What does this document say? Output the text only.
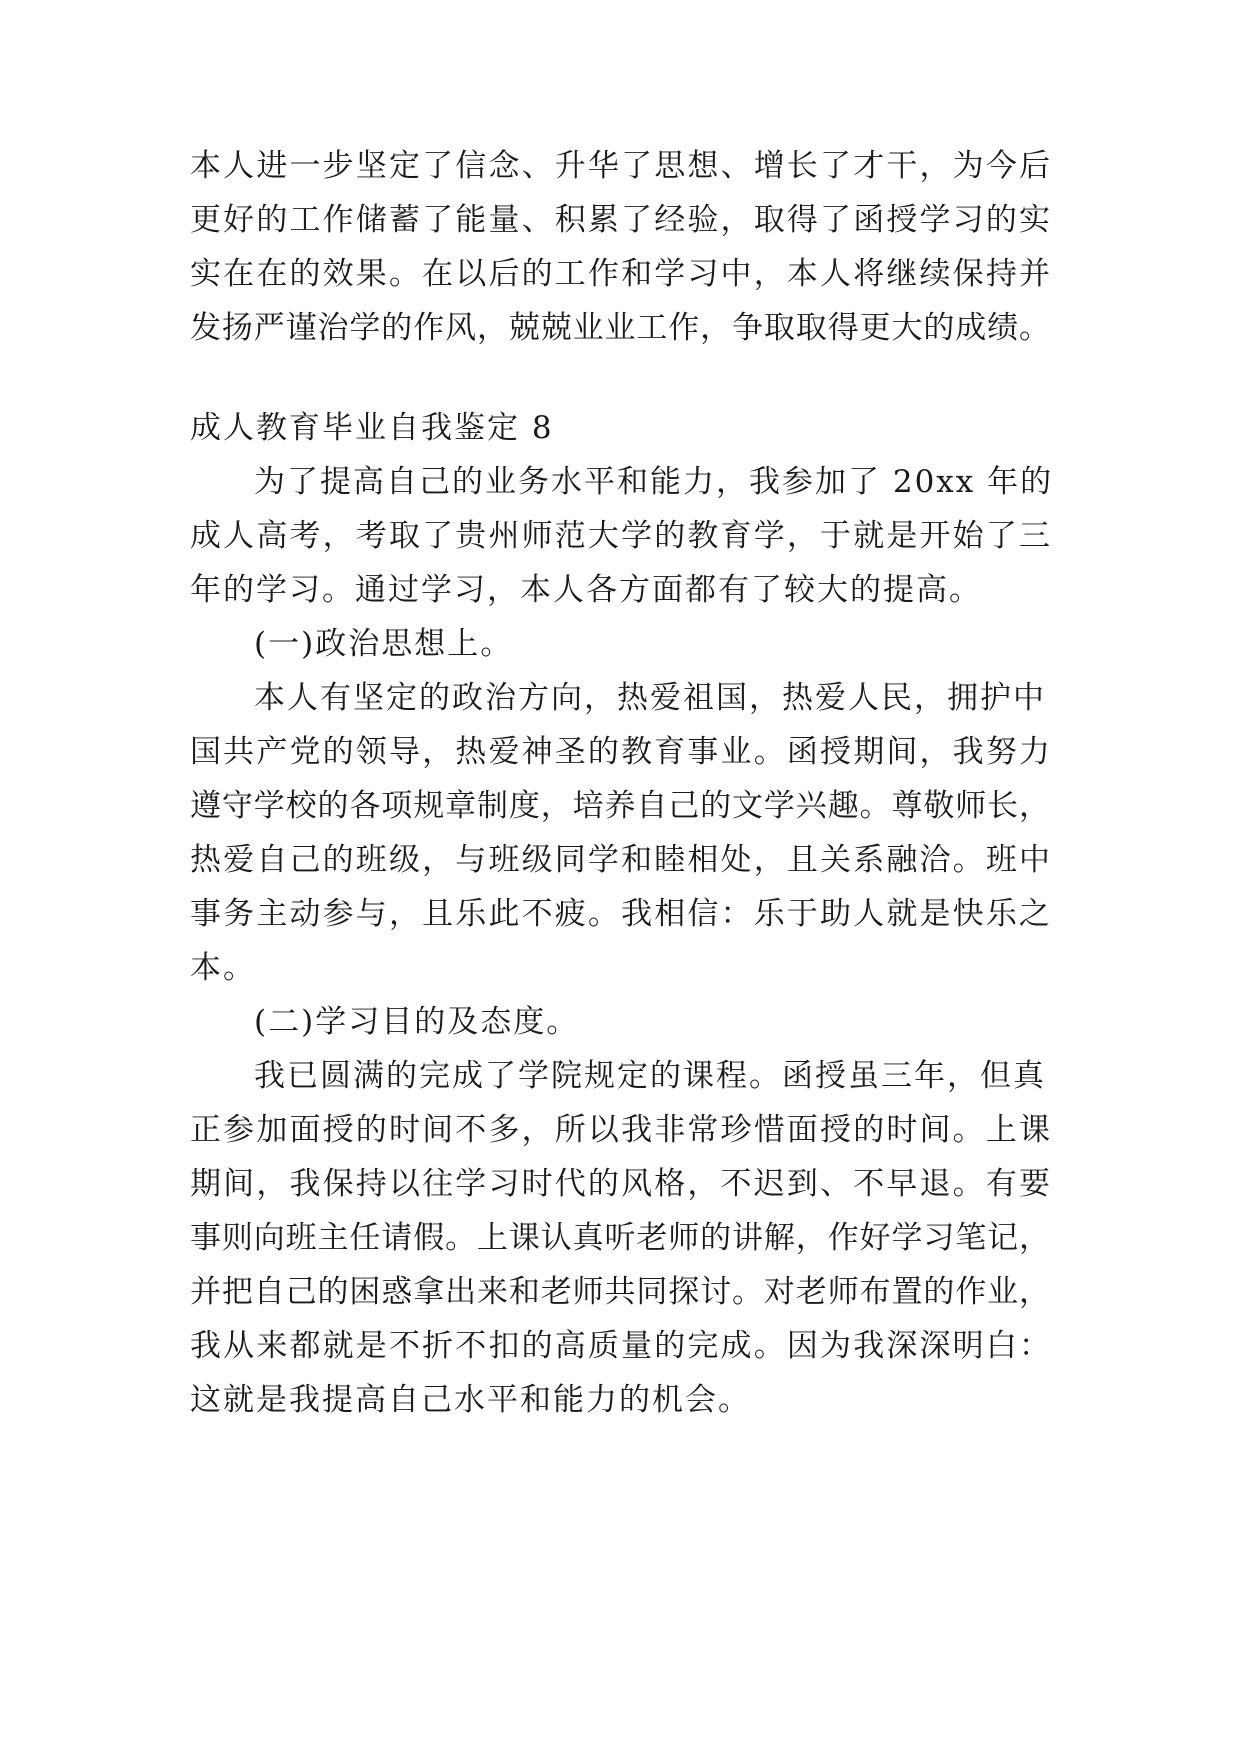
本人进一步坚定了信念、升华了思想、增长了才干，为今后
更好的工作储蓄了能量、积累了经验，取得了函授学习的实
实在在的效果。在以后的工作和学习中，本人将继续保持并
发扬严谨治学的作风，兢兢业业工作，争取取得更大的成绩。
成人教育毕业自我鉴定 8
为了提高自己的业务水平和能力，我参加了 20xx 年的
成人高考，考取了贵州师范大学的教育学，于就是开始了三
年的学习。通过学习，本人各方面都有了较大的提高。
(一)政治思想上。
本人有坚定的政治方向，热爱祖国，热爱人民，拥护中
国共产党的领导，热爱神圣的教育事业。函授期间，我努力
遵守学校的各项规章制度，培养自己的文学兴趣。尊敬师长，
热爱自己的班级，与班级同学和睦相处，且关系融洽。班中
事务主动参与，且乐此不疲。我相信：乐于助人就是快乐之
本。
(二)学习目的及态度。
我已圆满的完成了学院规定的课程。函授虽三年，但真
正参加面授的时间不多，所以我非常珍惜面授的时间。上课
期间，我保持以往学习时代的风格，不迟到、不早退。有要
事则向班主任请假。上课认真听老师的讲解，作好学习笔记，
并把自己的困惑拿出来和老师共同探讨。对老师布置的作业，
我从来都就是不折不扣的高质量的完成。因为我深深明白：
这就是我提高自己水平和能力的机会。
